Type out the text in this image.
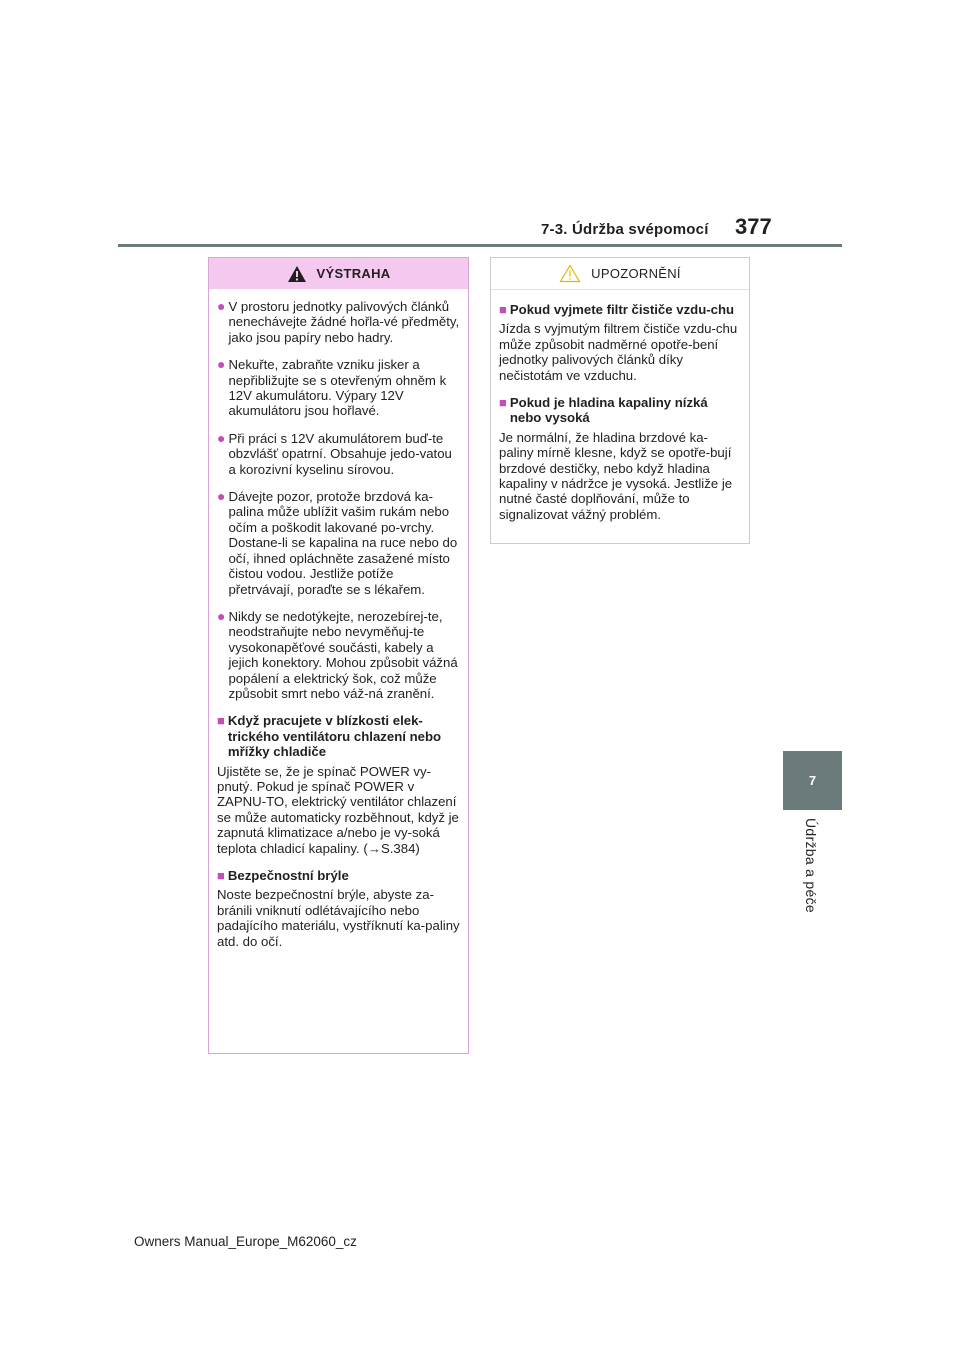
7-3. Údržba svépomocí 377
7
Údržba a péče
VÝSTRAHA
● V prostoru jednotky palivových článků nenechávejte žádné hořla-vé předměty, jako jsou papíry nebo hadry.
● Nekuřte, zabraňte vzniku jisker a nepřibližujte se s otevřeným ohněm k 12V akumulátoru. Výpary 12V akumulátoru jsou hořlavé.
● Při práci s 12V akumulátorem buď-te obzvlášť opatrní. Obsahuje jedo-vatou a korozivní kyselinu sírovou.
● Dávejte pozor, protože brzdová ka-palina může ublížit vašim rukám nebo očím a poškodit lakované po-vrchy. Dostane-li se kapalina na ruce nebo do očí, ihned opláchněte zasažené místo čistou vodou. Jestliže potíže přetrvávají, poraďte se s lékařem.
● Nikdy se nedotýkejte, nerozebírej-te, neodstraňujte nebo nevyměňuj-te vysokonapěťové součásti, kabely a jejich konektory. Mohou způsobit vážná popálení a elektrický šok, což může způsobit smrt nebo váž-ná zranění.
■ Když pracujete v blízkosti elek-trického ventilátoru chlazení nebo mřížky chladiče
Ujistěte se, že je spínač POWER vy-pnutý. Pokud je spínač POWER v ZAPNU-TO, elektrický ventilátor chlazení se může automaticky rozběhnout, když je zapnutá klimatizace a/nebo je vy-soká teplota chladicí kapaliny. (→S.384)
■ Bezpečnostní brýle
Noste bezpečnostní brýle, abyste za-bránili vniknutí odlétávajícího nebo padajícího materiálu, vystříknutí ka-paliny atd. do očí.
UPOZORNĚNÍ
■ Pokud vyjmete filtr čističe vzdu-chu
Jízda s vyjmutým filtrem čističe vzdu-chu může způsobit nadměrné opotře-bení jednotky palivových článků díky nečistotám ve vzduchu.
■ Pokud je hladina kapaliny nízká nebo vysoká
Je normální, že hladina brzdové ka-paliny mírně klesne, když se opotře-bují brzdové destičky, nebo když hladina kapaliny v nádržce je vysoká. Jestliže je nutné časté doplňování, může to signalizovat vážný problém.
Owners Manual_Europe_M62060_cz
